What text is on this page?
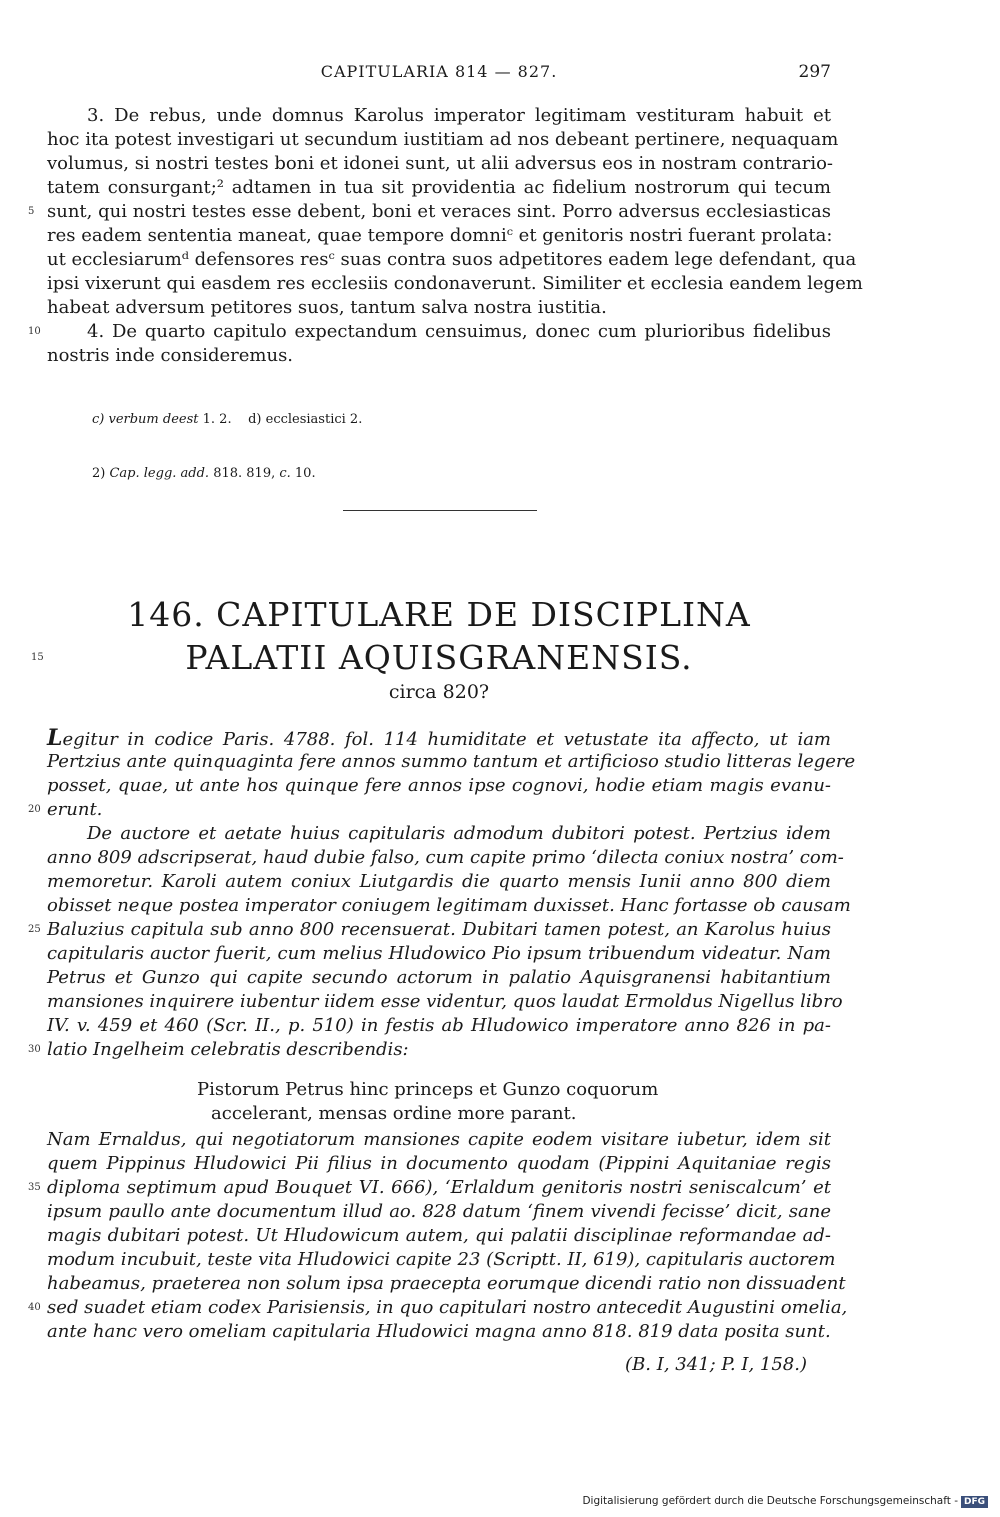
CAPITULARIA 814 — 827.	297
3. De rebus, unde domnus Karolus imperator legitimam vestituram habuit et
hoc ita potest investigari ut secundum iustitiam ad nos debeant pertinere, nequaquam
volumus, si nostri testes boni et idonei sunt, ut alii adversus eos in nostram contrario-
tatem consurgant;² adtamen in tua sit providentia ac fidelium nostrorum qui tecum
5 sunt, qui nostri testes esse debent, boni et veraces sint. Porro adversus ecclesiasticas
res eadem sententia maneat, quae tempore domniᶜ et genitoris nostri fuerant prolata:
ut ecclesiarumᵈ defensores resᶜ suas contra suos adpetitores eadem lege defendant, qua
ipsi vixerunt qui easdem res ecclesiis condonaverunt. Similiter et ecclesia eandem legem
habeat adversum petitores suos, tantum salva nostra iustitia.
10	4. De quarto capitulo expectandum censuimus, donec cum plurioribus fidelibus
nostris inde consideremus.
c) verbum deest 1. 2.    d) ecclesiastici 2.
2) Cap. legg. add. 818. 819, c. 10.
146. CAPITULARE DE DISCIPLINA
PALATII AQUISGRANENSIS.
15
circa 820?
Legitur in codice Paris. 4788. fol. 114 humiditate et vetustate ita affecto, ut iam
Pertzius ante quinquaginta fere annos summo tantum et artificioso studio litteras legere
posset, quae, ut ante hos quinque fere annos ipse cognovi, hodie etiam magis evanu-
20 erunt.
De auctore et aetate huius capitularis admodum dubitori potest. Pertzius idem
anno 809 adscripserat, haud dubie falso, cum capite primo ‘dilecta coniux nostra’ com-
memoretur. Karoli autem coniux Liutgardis die quarto mensis Iunii anno 800 diem
obisset neque postea imperator coniugem legitimam duxisset. Hanc fortasse ob causam
25 Baluzius capitula sub anno 800 recensuerat. Dubitari tamen potest, an Karolus huius
capitularis auctor fuerit, cum melius Hludowico Pio ipsum tribuendum videatur. Nam
Petrus et Gunzo qui capite secundo actorum in palatio Aquisgranensi habitantium
mansiones inquirere iubentur iidem esse videntur, quos laudat Ermoldus Nigellus libro
IV. v. 459 et 460 (Scr. II., p. 510) in festis ab Hludowico imperatore anno 826 in pa-
30 latio Ingelheim celebratis describendis:
Pistorum Petrus hinc princeps et Gunzo coquorum
accelerant, mensas ordine more parant.
Nam Ernaldus, qui negotiatorum mansiones capite eodem visitare iubetur, idem sit
quem Pippinus Hludowici Pii filius in documento quodam (Pippini Aquitaniae regis
35 diploma septimum apud Bouquet VI. 666), ‘Erlaldum genitoris nostri seniscalcum’ et
ipsum paullo ante documentum illud ao. 828 datum ‘finem vivendi fecisse’ dicit, sane
magis dubitari potest. Ut Hludowicum autem, qui palatii disciplinae reformandae ad-
modum incubuit, teste vita Hludowici capite 23 (Scriptt. II, 619), capitularis auctorem
habeamus, praeterea non solum ipsa praecepta eorumque dicendi ratio non dissuadent
40 sed suadet etiam codex Parisiensis, in quo capitulari nostro antecedit Augustini omelia,
ante hanc vero omeliam capitularia Hludowici magna anno 818. 819 data posita sunt.
(B. I, 341; P. I, 158.)
Digitalisierung gefördert durch die Deutsche Forschungsgemeinschaft - DFG
